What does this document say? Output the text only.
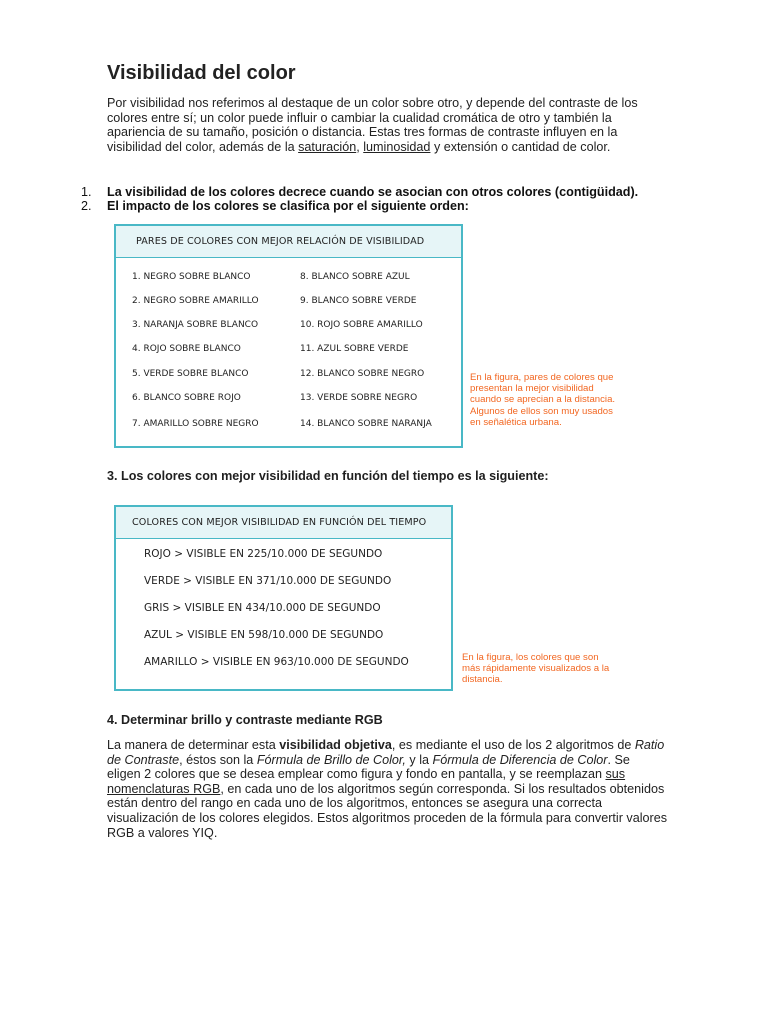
Visibilidad del color

Por visibilidad nos referimos al destaque de un color sobre otro, y depende del contraste de los colores entre sí; un color puede influir o cambiar la cualidad cromática de otro y también la apariencia de su tamaño, posición o distancia. Estas tres formas de contraste influyen en la visibilidad del color, además de la saturación, luminosidad y extensión o cantidad de color.

1. La visibilidad de los colores decrece cuando se asocian con otros colores (contigüidad).
2. El impacto de los colores se clasifica por el siguiente orden:
PARES DE COLORES CON MEJOR RELACIÓN DE VISIBILIDAD
1. NEGRO SOBRE BLANCO
2. NEGRO SOBRE AMARILLO
3. NARANJA SOBRE BLANCO
4. ROJO SOBRE BLANCO
5. VERDE SOBRE BLANCO
6. BLANCO SOBRE ROJO
7. AMARILLO SOBRE NEGRO
8. BLANCO SOBRE AZUL
9. BLANCO SOBRE VERDE
10. ROJO SOBRE AMARILLO
11. AZUL SOBRE VERDE
12. BLANCO SOBRE NEGRO
13. VERDE SOBRE NEGRO
14. BLANCO SOBRE NARANJA
En la figura, pares de colores que presentan la mejor visibilidad cuando se aprecian a la distancia. Algunos de ellos son muy usados en señalética urbana.
3. Los colores con mejor visibilidad en función del tiempo es la siguiente:
COLORES CON MEJOR VISIBILIDAD EN FUNCIÓN DEL TIEMPO
ROJO > VISIBLE EN 225/10.000 DE SEGUNDO
VERDE > VISIBLE EN 371/10.000 DE SEGUNDO
GRIS > VISIBLE EN 434/10.000 DE SEGUNDO
AZUL > VISIBLE EN 598/10.000 DE SEGUNDO
AMARILLO > VISIBLE EN 963/10.000 DE SEGUNDO	En la figura, los colores que son más rápidamente visualizados a la distancia.
4. Determinar brillo y contraste mediante RGB

La manera de determinar esta visibilidad objetiva, es mediante el uso de los 2 algoritmos de Ratio de Contraste, éstos son la Fórmula de Brillo de Color, y la Fórmula de Diferencia de Color. Se eligen 2 colores que se desea emplear como figura y fondo en pantalla, y se reemplazan sus nomenclaturas RGB, en cada uno de los algoritmos según corresponda. Si los resultados obtenidos están dentro del rango en cada uno de los algoritmos, entonces se asegura una correcta visualización de los colores elegidos. Estos algoritmos proceden de la fórmula para convertir valores RGB a valores YIQ.
